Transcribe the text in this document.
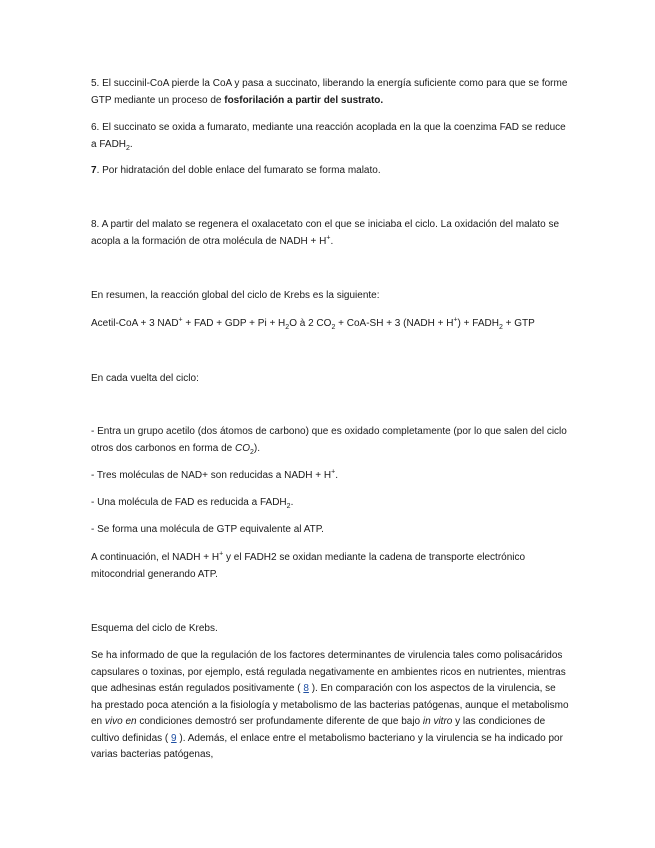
5. El succinil-CoA pierde la CoA y pasa a succinato, liberando la energía suficiente como para que se forme GTP mediante un proceso de fosforilación a partir del sustrato.

6. El succinato se oxida a fumarato, mediante una reacción acoplada en la que la coenzima FAD se reduce a $FADH_2$.

7. Por hidratación del doble enlace del fumarato se forma malato.

8. A partir del malato se regenera el oxalacetato con el que se iniciaba el ciclo. La oxidación del malato se acopla a la formación de otra molécula de NADH + H+.

En resumen, la reacción global del ciclo de Krebs es la siguiente:

Acetil-CoA + 3 NAD+ + FAD + GDP + $Pi + H_2O$ à 2 $CO_2 + CoA-SH + 3$ (NADH + $H^+) + FADH_2$ + GTP

En cada vuelta del ciclo:

- Entra un grupo acetilo (dos átomos de carbono) que es oxidado completamente (por lo que salen del ciclo otros dos carbonos en forma de $CO_2$).

- Tres moléculas de NAD+ son reducidas a NADH + H+.

- Una molécula de FAD es reducida a $FADH_2$.

- Se forma una molécula de GTP equivalente al ATP.

A continuación, el NADH + H+ y el FADH2 se oxidan mediante la cadena de transporte electrónico mitocondrial generando ATP.

Esquema del ciclo de Krebs.

Se ha informado de que la regulación de los factores determinantes de virulencia tales como polisacáridos capsulares o toxinas, por ejemplo, está regulada negativamente en ambientes ricos en nutrientes, mientras que adhesinas están regulados positivamente ( 8 ). En comparación con los aspectos de la virulencia, se ha prestado poca atención a la fisiología y metabolismo de las bacterias patógenas, aunque el metabolismo en vivo en condiciones demostró ser profundamente diferente de que bajo in vitro y las condiciones de cultivo definidas ( 9 ). Además, el enlace entre el metabolismo bacteriano y la virulencia se ha indicado por varias bacterias patógenas,
